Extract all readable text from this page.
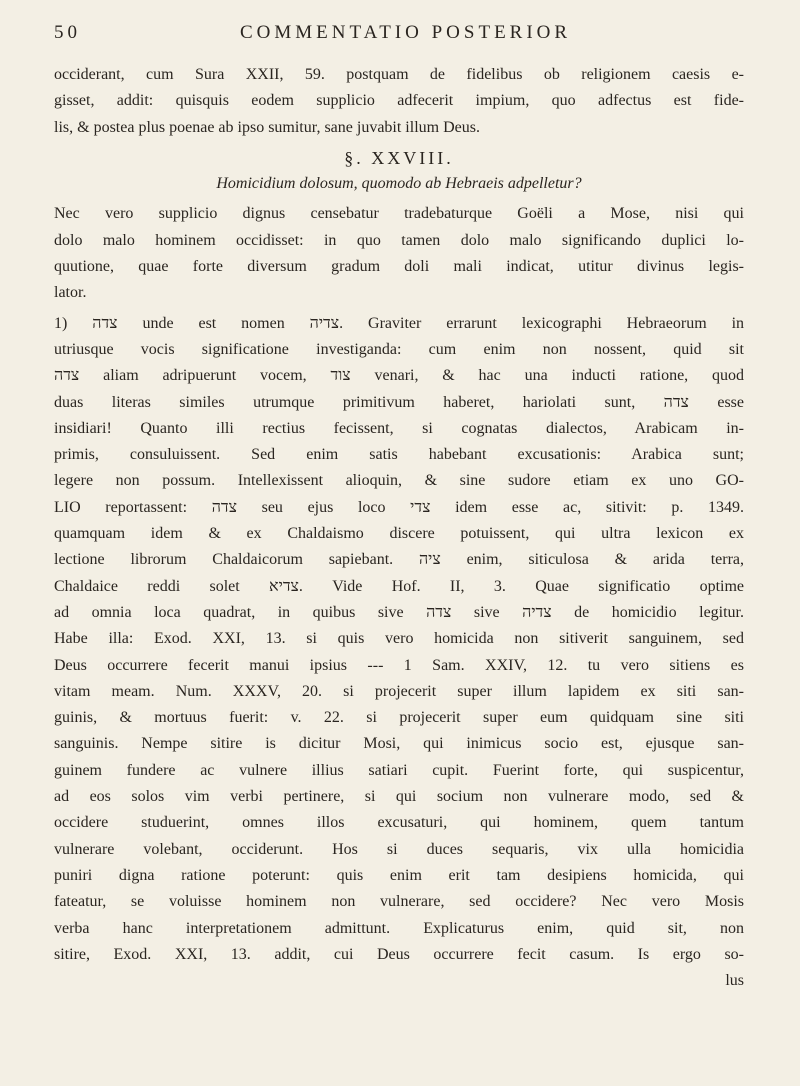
50	COMMENTATIO POSTERIOR
occiderant, cum Sura XXII, 59. postquam de fidelibus ob religionem caesis e-
gisset, addit: quisquis eodem supplicio adfecerit impium, quo adfectus est fide-
lis, & postea plus poenae ab ipso sumitur, sane juvabit illum Deus.
§. XXVIII.
Homicidium dolosum, quomodo ab Hebraeis adpelletur?
Nec vero supplicio dignus censebatur tradebaturque Goëli a Mose, nisi qui
dolo malo hominem occidisset: in quo tamen dolo malo significando duplici lo-
quutione, quae forte diversum gradum doli mali indicat, utitur divinus legis-
lator.
1) צדה unde est nomen צדיה. Graviter errarunt lexicographi Hebraeorum in
utriusque vocis significatione investiganda: cum enim non nossent, quid sit
צדה aliam adripuerunt vocem, צוד venari, & hac una inducti ratione, quod
duas literas similes utrumque primitivum haberet, hariolati sunt, צדה esse
insidiari! Quanto illi rectius fecissent, si cognatas dialectos, Arabicam in-
primis, consuluissent. Sed enim satis habebant excusationis: Arabica sunt;
legere non possum. Intellexissent alioquin, & sine sudore etiam ex uno GO-
LIO reportassent: צדה seu ejus loco צדי idem esse ac, sitivit: p. 1349.
quamquam idem & ex Chaldaismo discere potuissent, qui ultra lexicon ex
lectione librorum Chaldaicorum sapiebant. ציה enim, siticulosa & arida terra,
Chaldaice reddi solet צדיא. Vide Hof. II, 3. Quae significatio optime
ad omnia loca quadrat, in quibus sive צדה sive צדיה de homicidio legitur.
Habe illa: Exod. XXI, 13. si quis vero homicida non sitiverit sanguinem, sed
Deus occurrere fecerit manui ipsius --- 1 Sam. XXIV, 12. tu vero sitiens es
vitam meam. Num. XXXV, 20. si projecerit super illum lapidem ex siti san-
guinis, & mortuus fuerit: v. 22. si projecerit super eum quidquam sine siti
sanguinis. Nempe sitire is dicitur Mosi, qui inimicus socio est, ejusque san-
guinem fundere ac vulnere illius satiari cupit. Fuerint forte, qui suspicentur,
ad eos solos vim verbi pertinere, si qui socium non vulnerare modo, sed &
occidere studuerint, omnes illos excusaturi, qui hominem, quem tantum
vulnerare volebant, occiderunt. Hos si duces sequaris, vix ulla homicidia
puniri digna ratione poterunt: quis enim erit tam desipiens homicida, qui
fateatur, se voluisse hominem non vulnerare, sed occidere? Nec vero Mosis
verba hanc interpretationem admittunt. Explicaturus enim, quid sit, non
sitire, Exod. XXI, 13. addit, cui Deus occurrere fecit casum. Is ergo so-
lus
